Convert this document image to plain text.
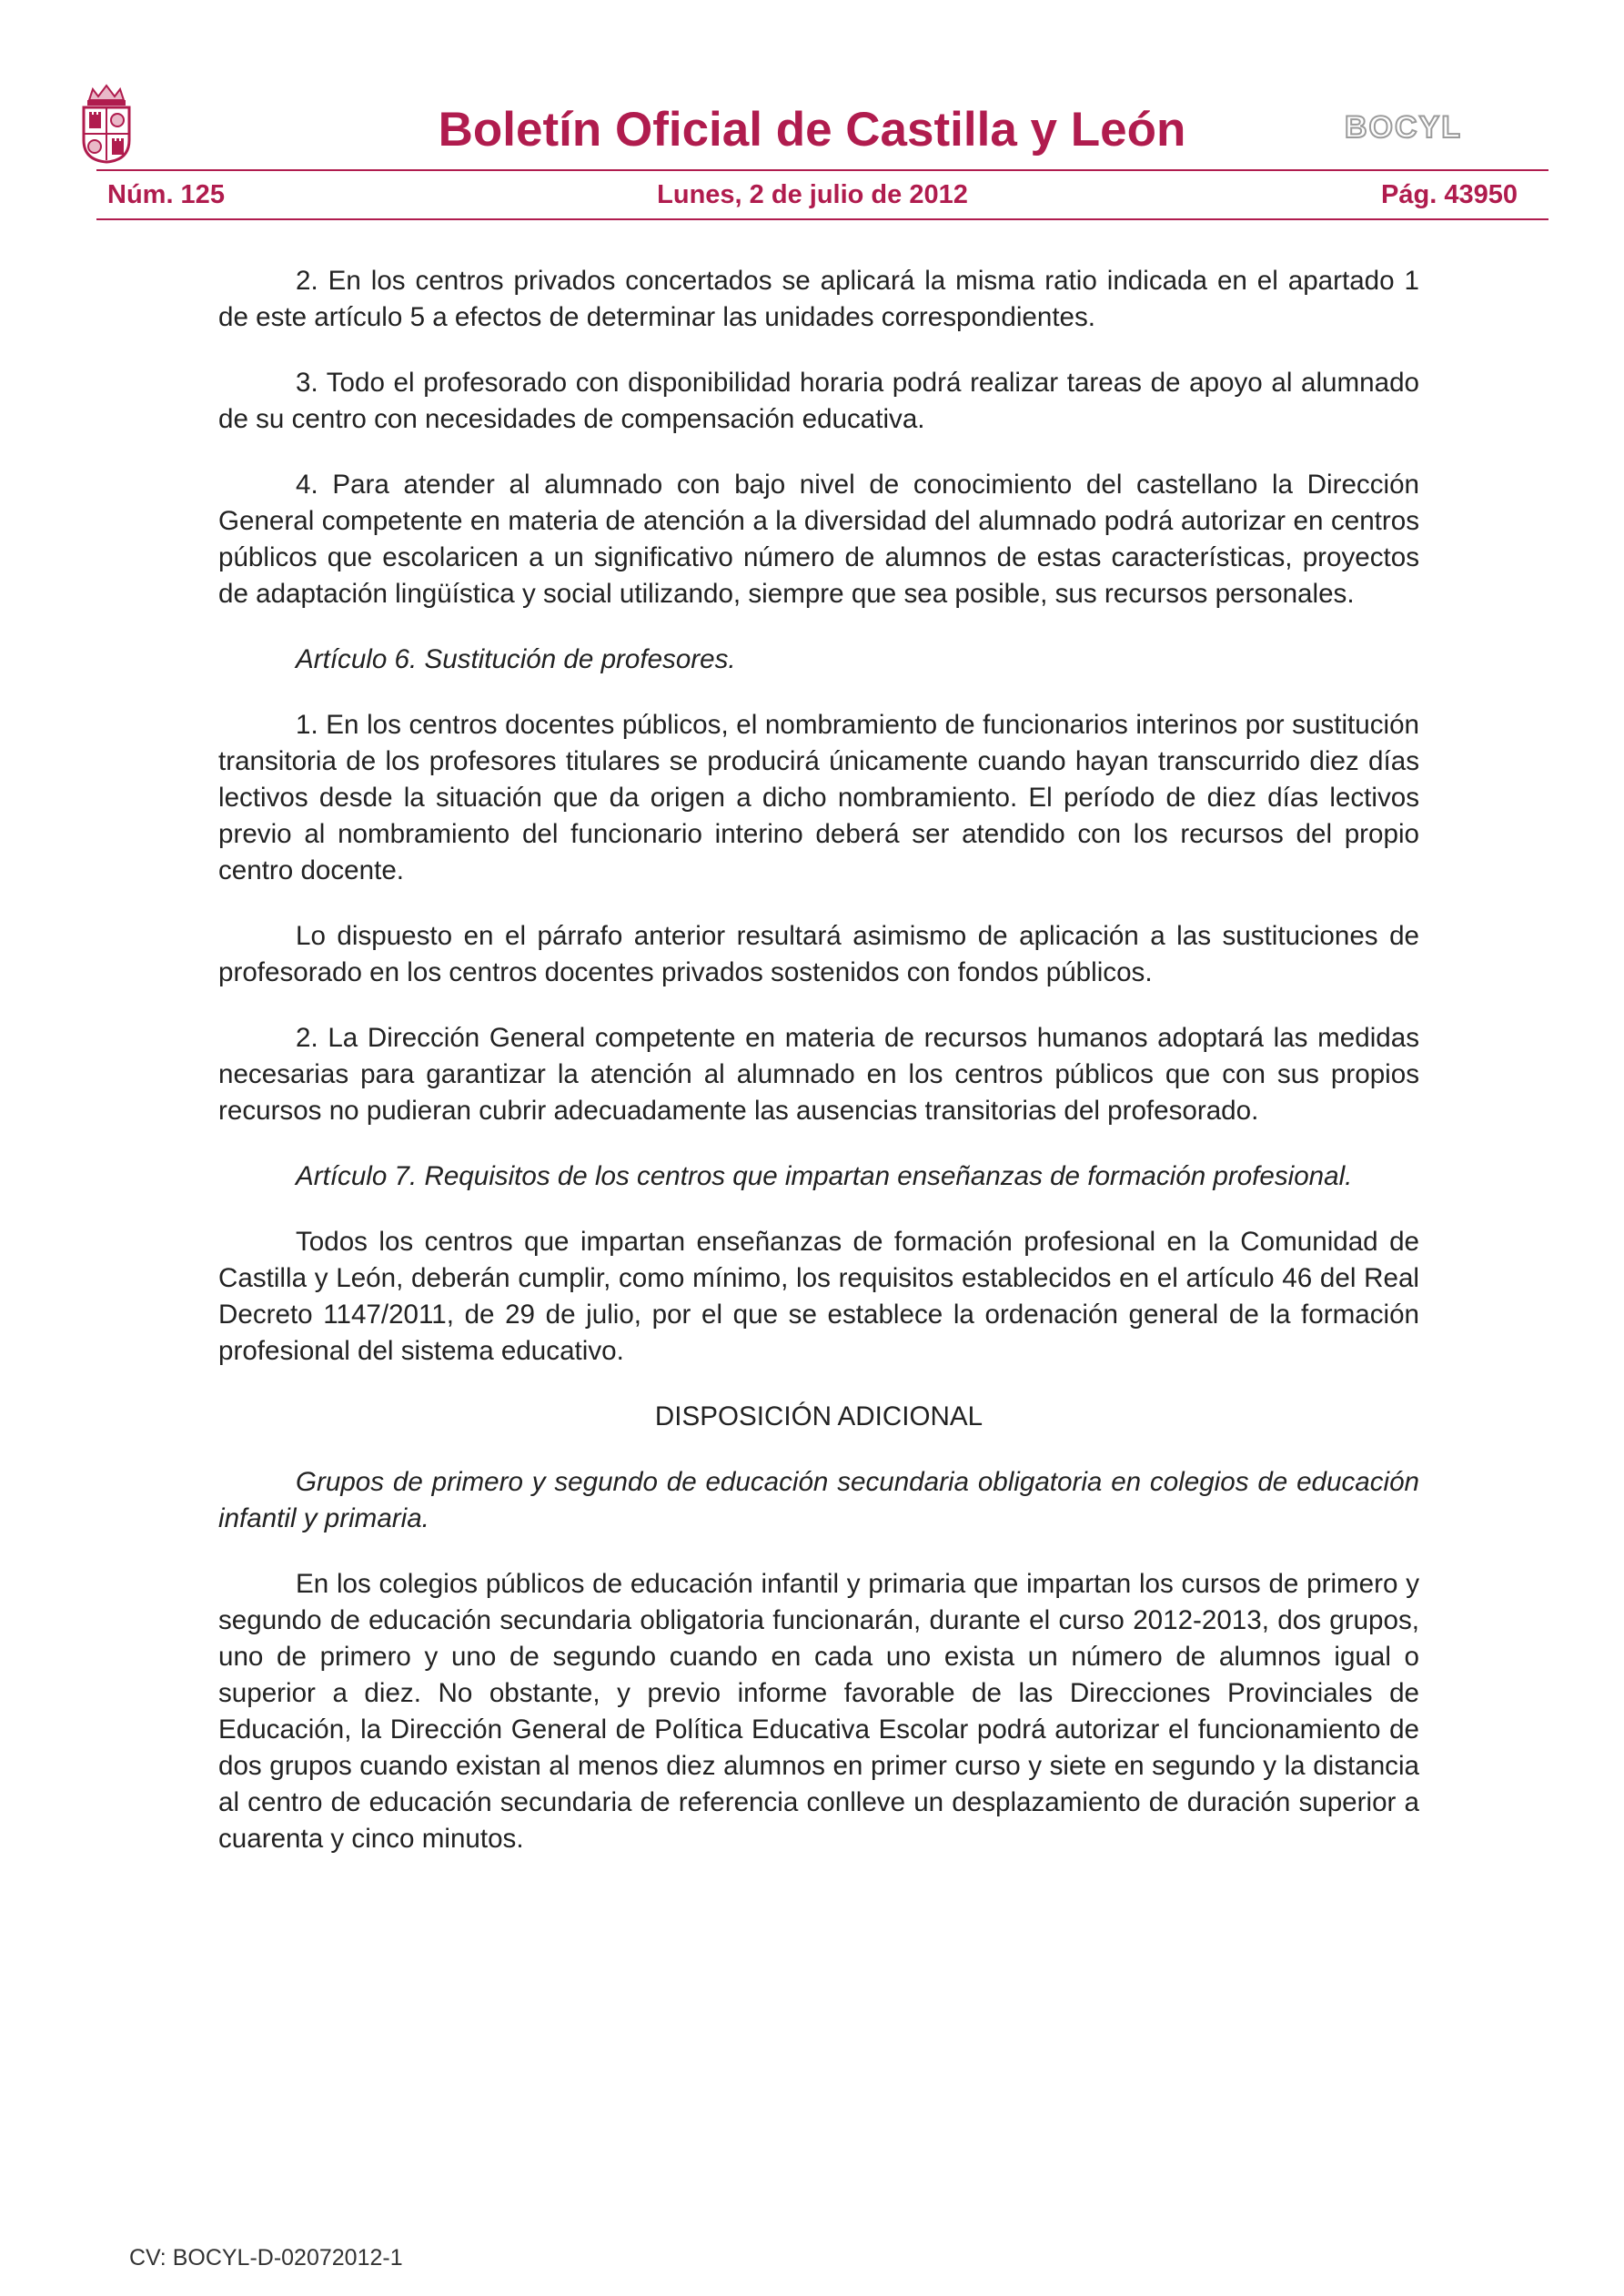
Boletín Oficial de Castilla y León	BOCYL
Núm. 125	Lunes, 2 de julio de 2012	Pág. 43950

2. En los centros privados concertados se aplicará la misma ratio indicada en el apartado 1 de este artículo 5 a efectos de determinar las unidades correspondientes.

3. Todo el profesorado con disponibilidad horaria podrá realizar tareas de apoyo al alumnado de su centro con necesidades de compensación educativa.

4. Para atender al alumnado con bajo nivel de conocimiento del castellano la Dirección General competente en materia de atención a la diversidad del alumnado podrá autorizar en centros públicos que escolaricen a un significativo número de alumnos de estas características, proyectos de adaptación lingüística y social utilizando, siempre que sea posible, sus recursos personales.

Artículo 6. Sustitución de profesores.

1. En los centros docentes públicos, el nombramiento de funcionarios interinos por sustitución transitoria de los profesores titulares se producirá únicamente cuando hayan transcurrido diez días lectivos desde la situación que da origen a dicho nombramiento. El período de diez días lectivos previo al nombramiento del funcionario interino deberá ser atendido con los recursos del propio centro docente.

Lo dispuesto en el párrafo anterior resultará asimismo de aplicación a las sustituciones de profesorado en los centros docentes privados sostenidos con fondos públicos.

2. La Dirección General competente en materia de recursos humanos adoptará las medidas necesarias para garantizar la atención al alumnado en los centros públicos que con sus propios recursos no pudieran cubrir adecuadamente las ausencias transitorias del profesorado.

Artículo 7. Requisitos de los centros que impartan enseñanzas de formación profesional.

Todos los centros que impartan enseñanzas de formación profesional en la Comunidad de Castilla y León, deberán cumplir, como mínimo, los requisitos establecidos en el artículo 46 del Real Decreto 1147/2011, de 29 de julio, por el que se establece la ordenación general de la formación profesional del sistema educativo.

DISPOSICIÓN ADICIONAL

Grupos de primero y segundo de educación secundaria obligatoria en colegios de educación infantil y primaria.

En los colegios públicos de educación infantil y primaria que impartan los cursos de primero y segundo de educación secundaria obligatoria funcionarán, durante el curso 2012-2013, dos grupos, uno de primero y uno de segundo cuando en cada uno exista un número de alumnos igual o superior a diez. No obstante, y previo informe favorable de las Direcciones Provinciales de Educación, la Dirección General de Política Educativa Escolar podrá autorizar el funcionamiento de dos grupos cuando existan al menos diez alumnos en primer curso y siete en segundo y la distancia al centro de educación secundaria de referencia conlleve un desplazamiento de duración superior a cuarenta y cinco minutos.

CV: BOCYL-D-02072012-1
